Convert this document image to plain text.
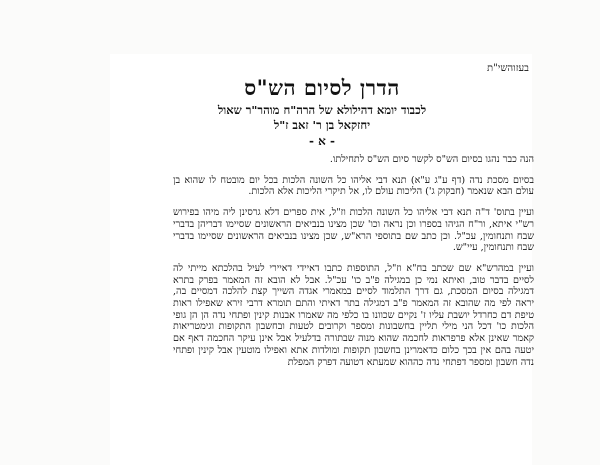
בעזוהשי"ת
הדרן לסיום הש"ס
לכבוד יומא דהילולא של הרה"ח מוהר"ר שאול
יחזקאל בן ר' זאב ז"ל
- א -

הנה כבר נהגו בסיום הש"ס לקשר סיום הש"ס לתחילתו.

בסיום מסכת נדה (דף ע"ג ע"א) תנא דבי אליהו כל השונה הלכות בכל יום מובטח לו שהוא בן עולם הבא שנאמר (חבקוק ג') הליכות עולם לו, אל תיקרי הליכות אלא הלכות.

ועיין בתוס' ד"ה תנא דבי אליהו כל השונה הלכות וז"ל, אית ספרים דלא גרסינן ליה מיהו בפירוש רש"י איתא, ור"ח הגיהו בספרו וכן נראה וכו' שכן מצינו בנביאים הראשונים שסיימו דבריהן בדברי שבח ותנחומין, עכ"ל. וכן כתב שם בתוספי הרא"ש, שכן מצינו בנביאים הראשונים שסיימו בדברי שבח ותנחומין, עיי"ש.

ועיין במהרש"א שם שכתב בח"א וז"ל, התוספות כתבו דאיידי דאיירי לעיל בהלכתא מייתי לה לסיים בדבר טוב, ואיתא נמי כן במגילה פ"ב כו' עכ"ל. אבל לא הובא זה המאמר בפרק בתרא דמגילה בסיום המסכת, גם דרך התלמוד לסיים במאמרי אגדה השייך קצת להלכה דמסיים בה, יראה לפי מה שהובא זה המאמר פ"ב דמגילה בתר דאיתי והתם תומרא דרבי זירא שאפילו ראות טיפת דם כחרדל יושבת עליו ז' נקיים שכוונו בו כלפי מה שאמרו אבנות קינין ופתחי נדה הן הן גופי הלכות כו' דכל הני מילי תליין בחשבונות ומספר וקרובים לטעות ובחשבון התקופות וגימטריאות קאמר שאינן אלא פרפראות לחכמה שהוא מנוה שבתורה בדלעיל אבל אינן עיקר החכמה דאף אם יטעה בהם אין בכך כלום כדאמרינן בחשבון תקופות ומולדות אתא ואפילו מוטעין אבל קינין ופתחי נדה חשבון ומספר דפתחי נדה כההוא שמעתא דטועה דפרק המפלת
